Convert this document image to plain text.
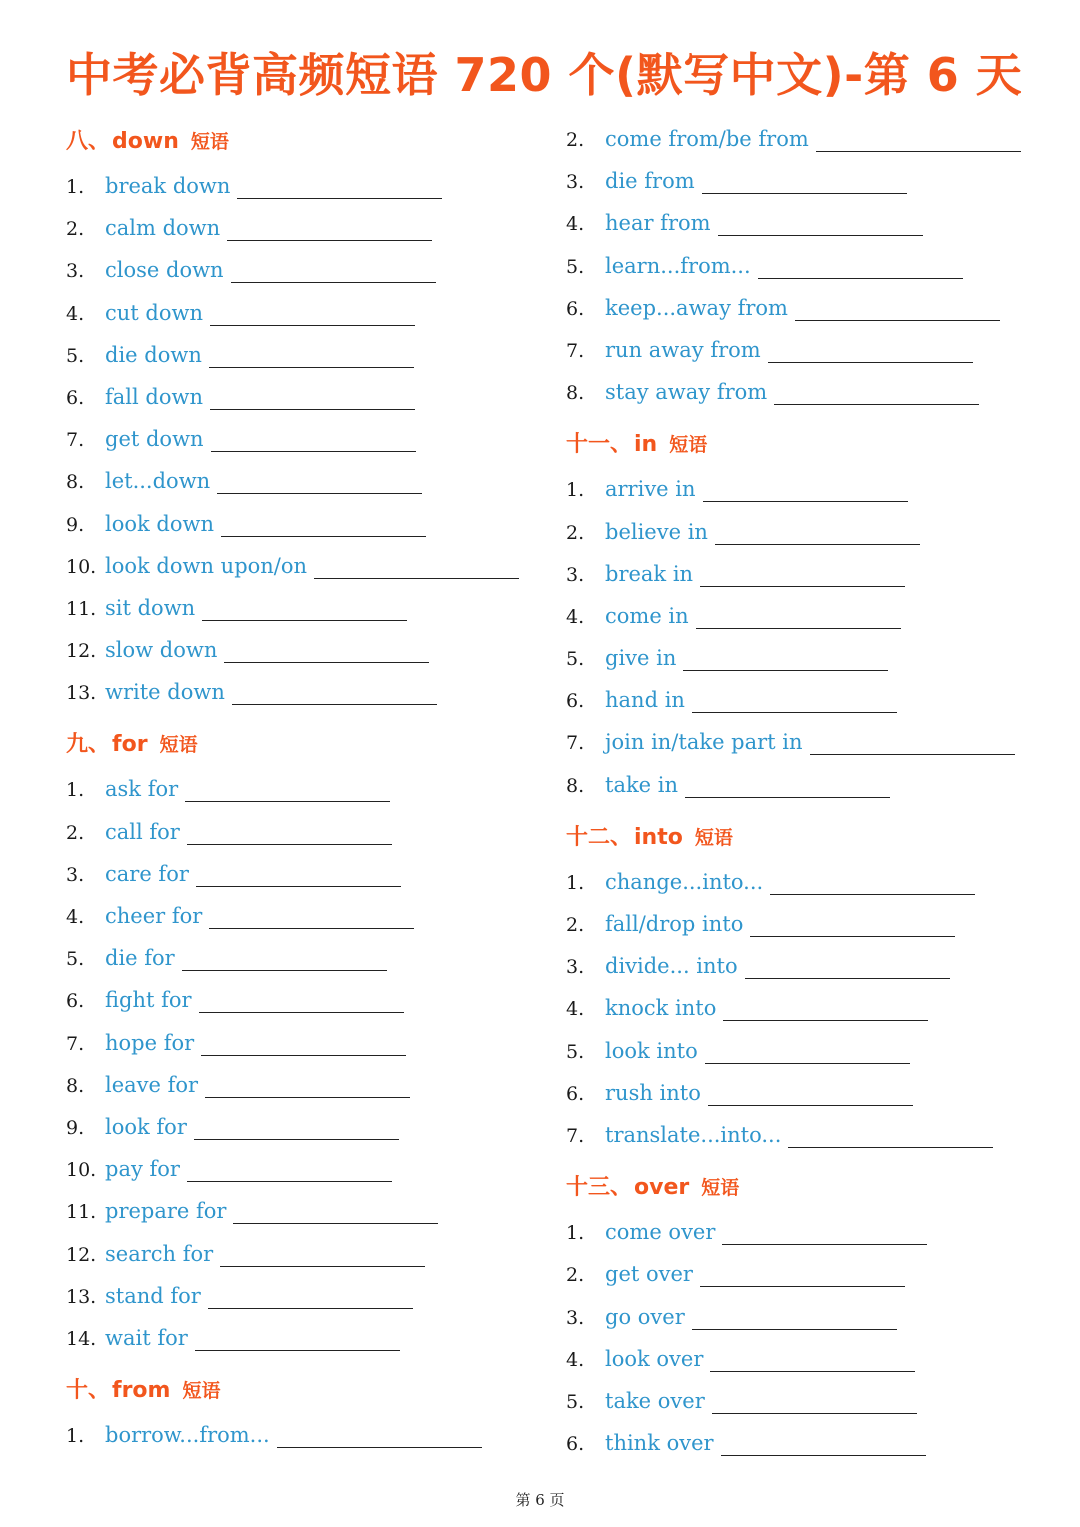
中考必背高频短语 720 个(默写中文)-第 6 天
八、down 短语
1. break down
2. calm down
3. close down
4. cut down
5. die down
6. fall down
7. get down
8. let...down
9. look down
10. look down upon/on
11. sit down
12. slow down
13. write down
九、for 短语
1. ask for
2. call for
3. care for
4. cheer for
5. die for
6. fight for
7. hope for
8. leave for
9. look for
10. pay for
11. prepare for
12. search for
13. stand for
14. wait for
十、from 短语
1. borrow...from...
2. come from/be from
3. die from
4. hear from
5. learn...from...
6. keep...away from
7. run away from
8. stay away from
十一、in 短语
1. arrive in
2. believe in
3. break in
4. come in
5. give in
6. hand in
7. join in/take part in
8. take in
十二、into 短语
1. change...into...
2. fall/drop into
3. divide... into
4. knock into
5. look into
6. rush into
7. translate...into...
十三、over 短语
1. come over
2. get over
3. go over
4. look over
5. take over
6. think over
第 6 页
